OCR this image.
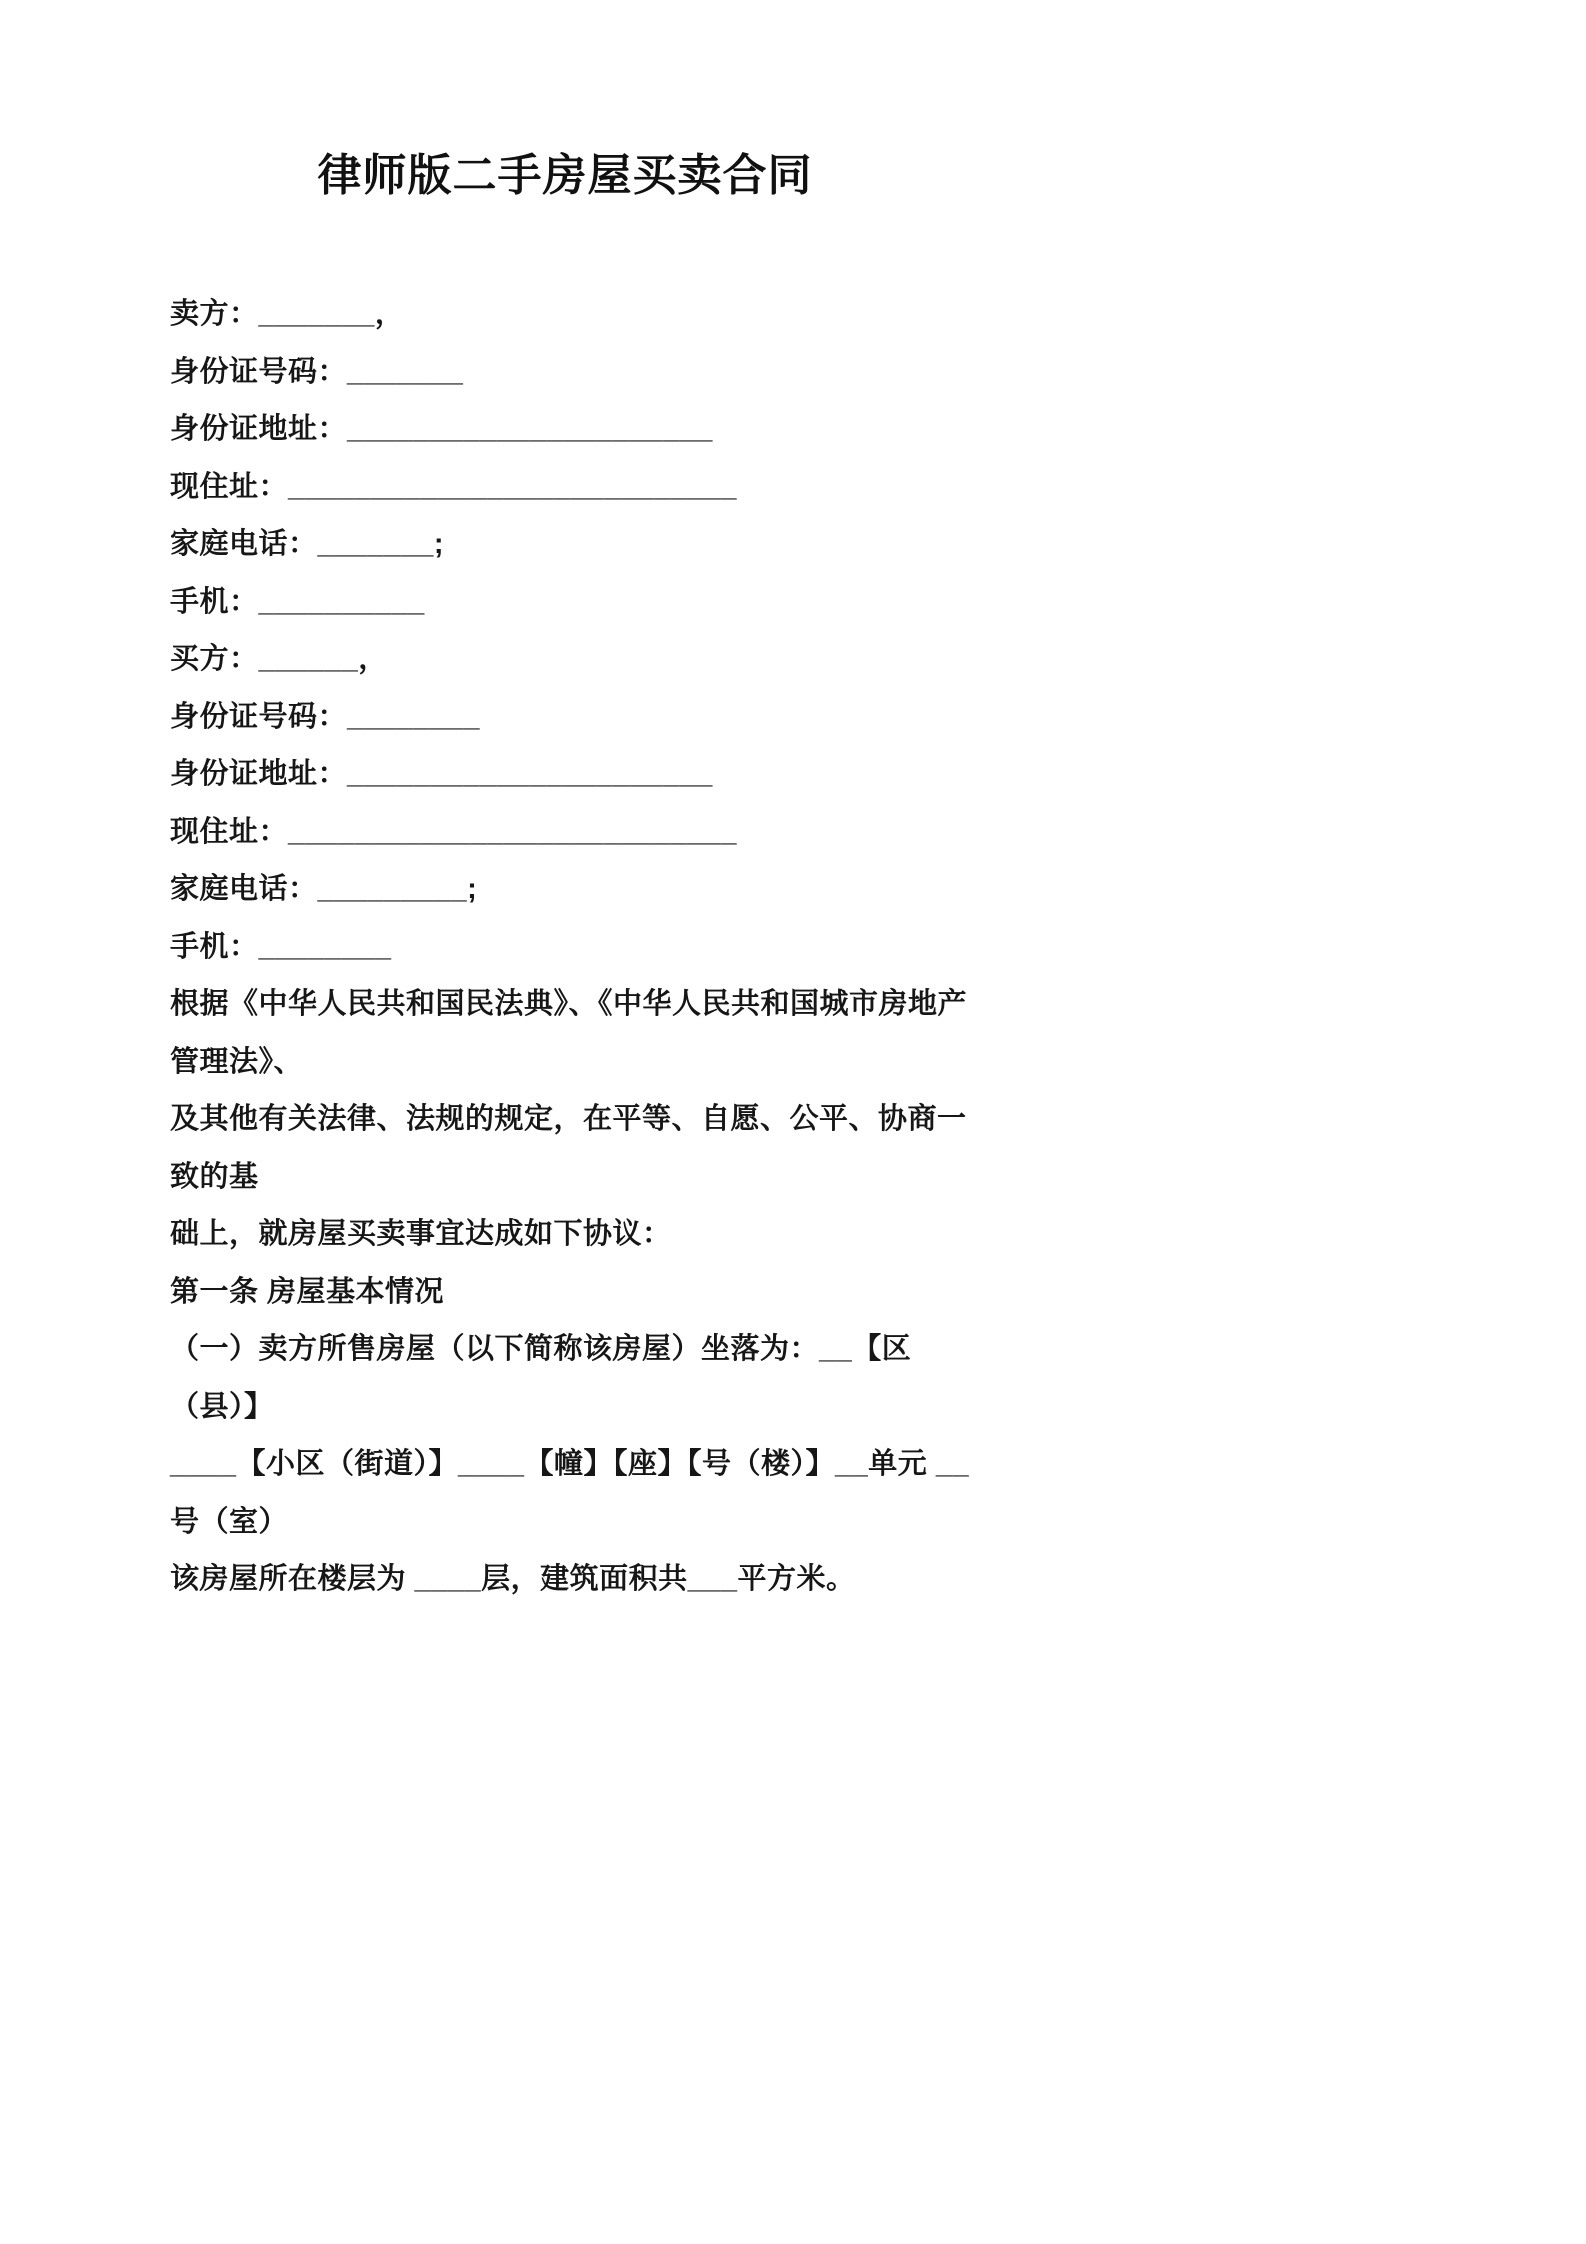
律师版二手房屋买卖合同

卖方：_______，

身份证号码：_______

身份证地址：______________________

现住址：___________________________

家庭电话：_______;

手机：__________

买方：______，

身份证号码：________

身份证地址：______________________

现住址：___________________________

家庭电话：_________;

手机：________

根据《中华人民共和国民法典》、《中华人民共和国城市房地产管理法》、

及其他有关法律、法规的规定，在平等、自愿、公平、协商一致的基

础上，就房屋买卖事宜达成如下协议：

第一条 房屋基本情况

（一）卖方所售房屋（以下简称该房屋）坐落为：__【区（县）】

____【小区（街道）】____【幢】【座】【号（楼）】__单元 __号（室）

该房屋所在楼层为 ____层，建筑面积共___平方米。
